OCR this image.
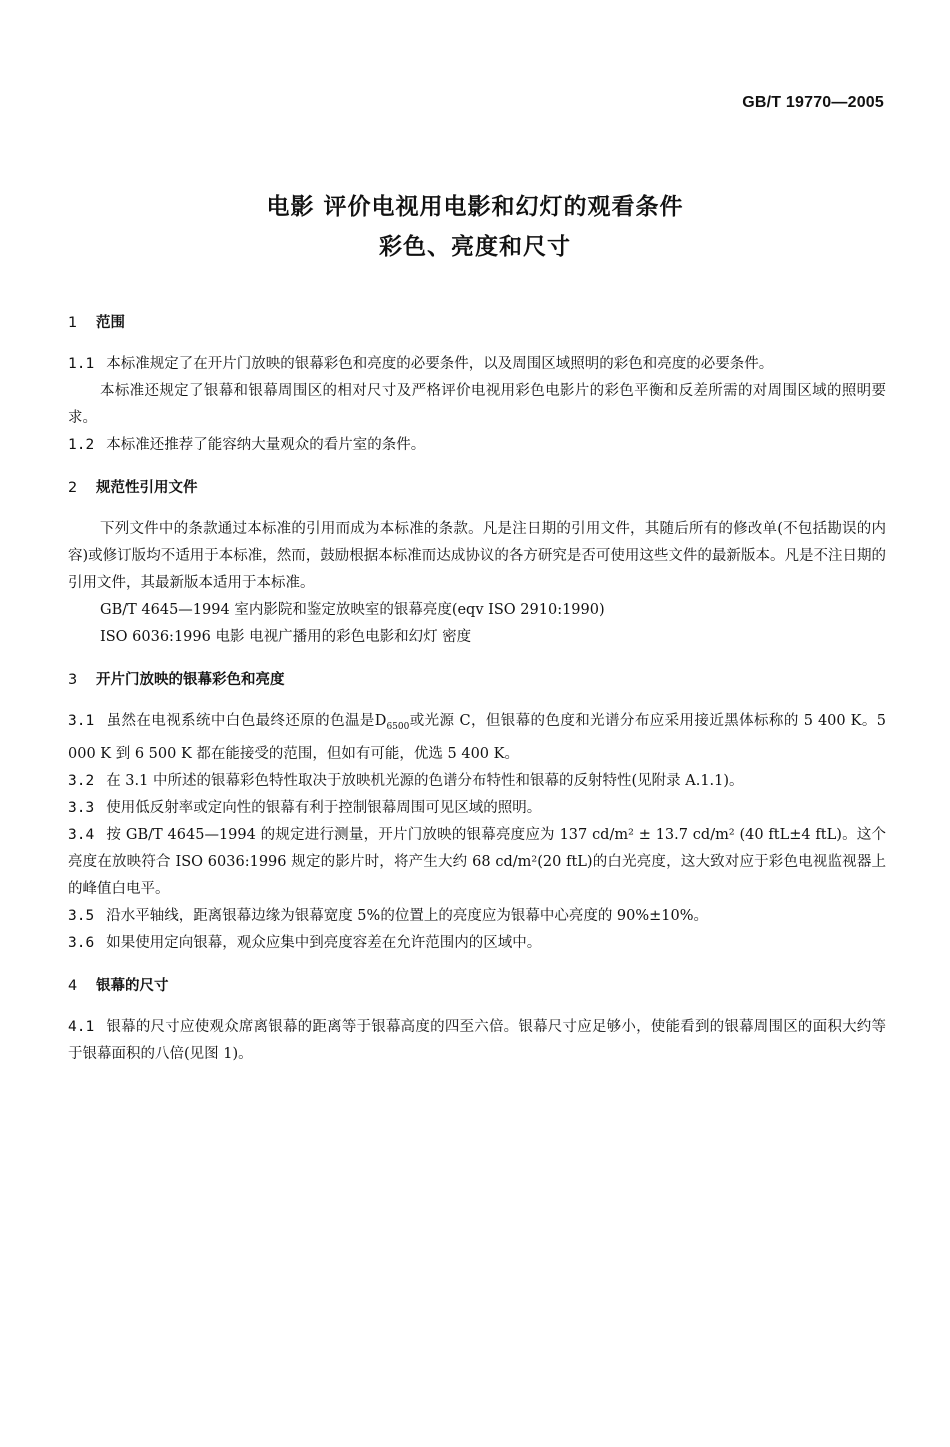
GB/T 19770—2005
电影 评价电视用电影和幻灯的观看条件
彩色、亮度和尺寸
1 范围

1.1 本标准规定了在开片门放映的银幕彩色和亮度的必要条件，以及周围区域照明的彩色和亮度的必要条件。

本标准还规定了银幕和银幕周围区的相对尺寸及严格评价电视用彩色电影片的彩色平衡和反差所需的对周围区域的照明要求。

1.2 本标准还推荐了能容纳大量观众的看片室的条件。

2 规范性引用文件

下列文件中的条款通过本标准的引用而成为本标准的条款。凡是注日期的引用文件，其随后所有的修改单(不包括勘误的内容)或修订版均不适用于本标准，然而，鼓励根据本标准而达成协议的各方研究是否可使用这些文件的最新版本。凡是不注日期的引用文件，其最新版本适用于本标准。

GB/T 4645—1994 室内影院和鉴定放映室的银幕亮度(eqv ISO 2910:1990)

ISO 6036:1996 电影 电视广播用的彩色电影和幻灯 密度

3 开片门放映的银幕彩色和亮度

3.1 虽然在电视系统中白色最终还原的色温是$D_{6500}$或光源 C，但银幕的色度和光谱分布应采用接近黑体标称的 5 400 K。5 000 K 到 6 500 K 都在能接受的范围，但如有可能，优选 5 400 K。

3.2 在 3.1 中所述的银幕彩色特性取决于放映机光源的色谱分布特性和银幕的反射特性(见附录 A.1.1)。

3.3 使用低反射率或定向性的银幕有利于控制银幕周围可见区域的照明。

3.4 按 GB/T 4645—1994 的规定进行测量，开片门放映的银幕亮度应为 137 cd/m² ± 13.7 cd/m² (40 ftL±4 ftL)。这个亮度在放映符合 ISO 6036:1996 规定的影片时，将产生大约 68 cd/m²(20 ftL)的白光亮度，这大致对应于彩色电视监视器上的峰值白电平。

3.5 沿水平轴线，距离银幕边缘为银幕宽度 5%的位置上的亮度应为银幕中心亮度的 90%±10%。

3.6 如果使用定向银幕，观众应集中到亮度容差在允许范围内的区域中。

4 银幕的尺寸

4.1 银幕的尺寸应使观众席离银幕的距离等于银幕高度的四至六倍。银幕尺寸应足够小，使能看到的银幕周围区的面积大约等于银幕面积的八倍(见图 1)。
